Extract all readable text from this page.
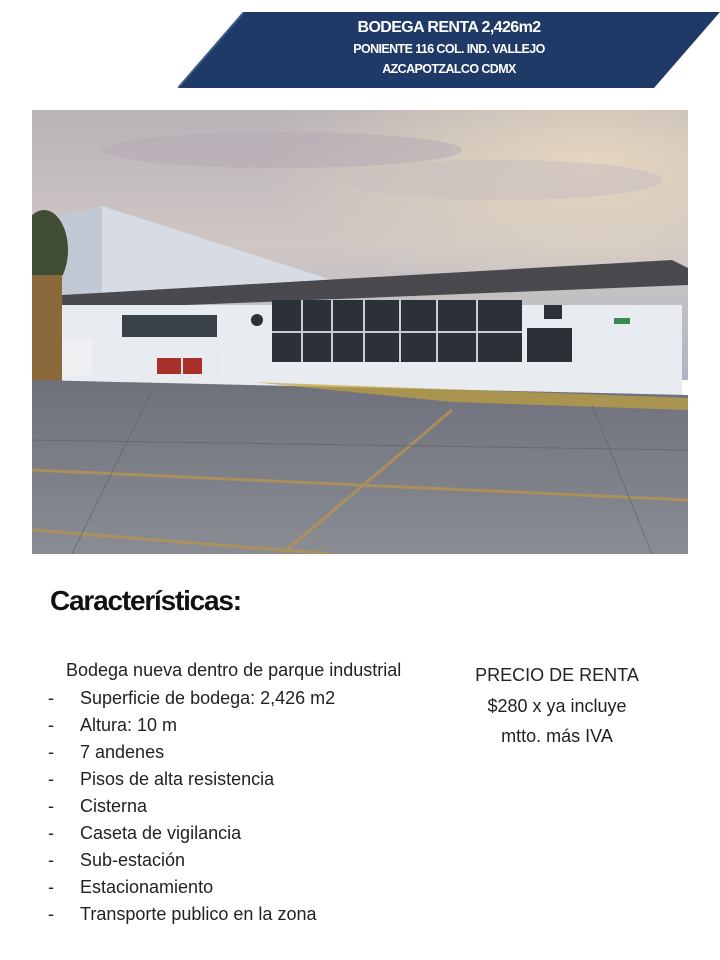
BODEGA RENTA 2,426m2
PONIENTE 116 COL. IND. VALLEJO
AZCAPOTZALCO CDMX
Características:
Bodega nueva dentro de parque industrial
- Superficie de bodega: 2,426 m2
- Altura: 10 m
- 7 andenes
- Pisos de alta resistencia
- Cisterna
- Caseta de vigilancia
- Sub-estación
- Estacionamiento
- Transporte publico en la zona
PRECIO DE RENTA
$280 x ya incluye
mtto. más IVA
